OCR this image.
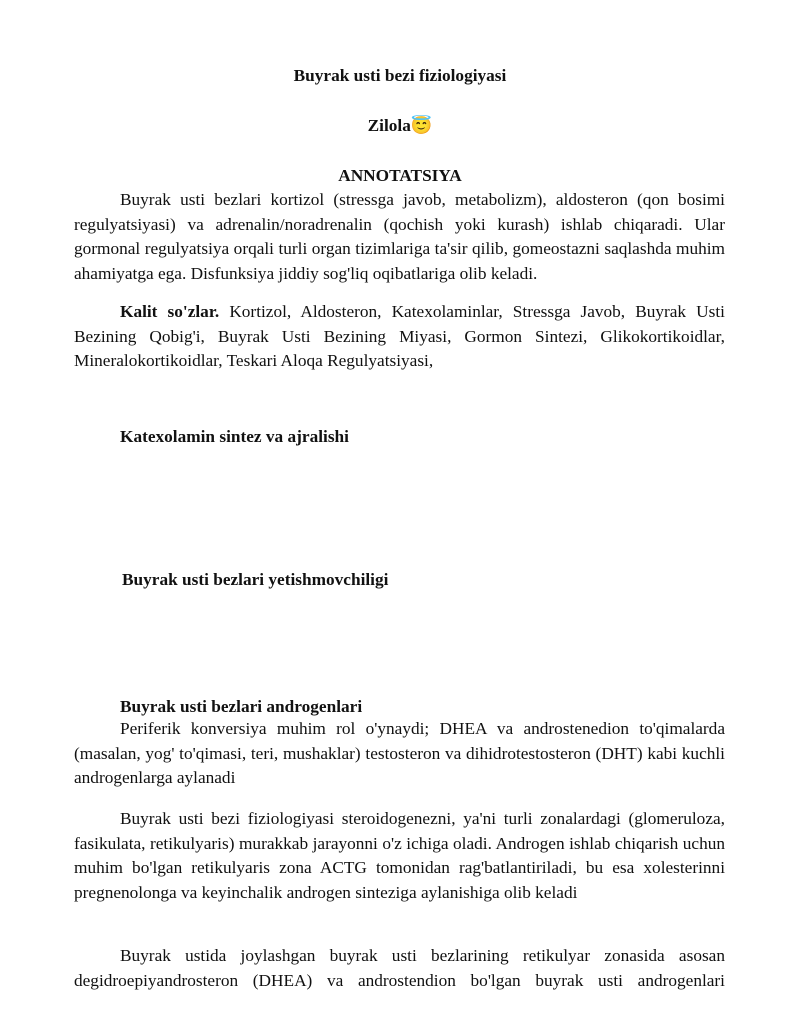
Buyrak usti bezi fiziologiyasi
Zilola😇
ANNOTATSIYA
Buyrak usti bezlari kortizol (stressga javob, metabolizm), aldosteron (qon bosimi regulyatsiyasi) va adrenalin/noradrenalin (qochish yoki kurash) ishlab chiqaradi. Ular gormonal regulyatsiya orqali turli organ tizimlariga ta'sir qilib, gomeostazni saqlashda muhim ahamiyatga ega. Disfunksiya jiddiy sog'liq oqibatlariga olib keladi.
Kalit so'zlar. Kortizol, Aldosteron, Katexolaminlar, Stressga Javob, Buyrak Usti Bezining Qobig'i, Buyrak Usti Bezining Miyasi, Gormon Sintezi, Glikokortikoidlar, Mineralokortikoidlar, Teskari Aloqa Regulyatsiyasi,
Katexolamin sintez va ajralishi
Buyrak usti bezlari yetishmovchiligi
Buyrak usti bezlari androgenlari
Periferik konversiya muhim rol o'ynaydi; DHEA va androstenedion to'qimalarda (masalan, yog' to'qimasi, teri, mushaklar) testosteron va dihidrotestosteron (DHT) kabi kuchli androgenlarga aylanadi
Buyrak usti bezi fiziologiyasi steroidogenezni, ya'ni turli zonalardagi (glomeruloza, fasikulata, retikulyaris) murakkab jarayonni o'z ichiga oladi. Androgen ishlab chiqarish uchun muhim bo'lgan retikulyaris zona ACTG tomonidan rag'batlantiriladi, bu esa xolesterinni pregnenolonga va keyinchalik androgen sinteziga aylanishiga olib keladi
Buyrak ustida joylashgan buyrak usti bezlarining retikulyar zonasida asosan degidroepiyandrosteron (DHEA) va androstendion bo'lgan buyrak usti androgenlari
